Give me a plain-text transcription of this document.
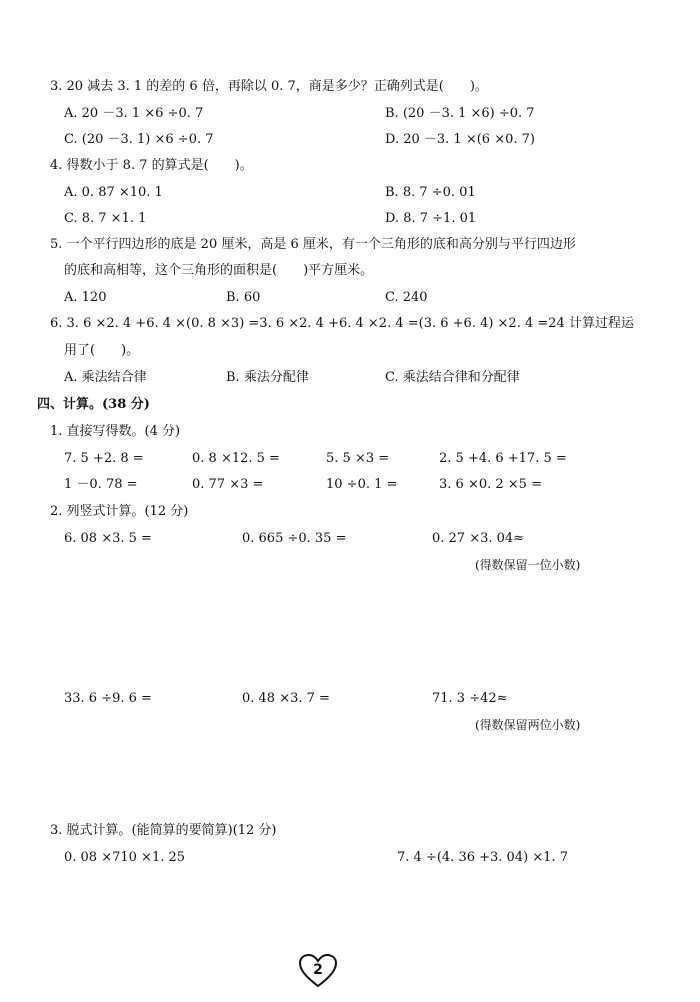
3. 20 减去 3. 1 的差的 6 倍，再除以 0. 7，商是多少？正确列式是(　　)。
A. 20 －3. 1 ×6 ÷0. 7	B. (20 －3. 1 ×6) ÷0. 7
C. (20 －3. 1) ×6 ÷0. 7	D. 20 －3. 1 ×(6 ×0. 7)
4. 得数小于 8. 7 的算式是(　　)。
A. 0. 87 ×10. 1	B. 8. 7 ÷0. 01
C. 8. 7 ×1. 1	D. 8. 7 ÷1. 01
5. 一个平行四边形的底是 20 厘米，高是 6 厘米，有一个三角形的底和高分别与平行四边形
的底和高相等，这个三角形的面积是(　　)平方厘米。
A. 120	B. 60	C. 240
6. 3. 6 ×2. 4 +6. 4 ×(0. 8 ×3) =3. 6 ×2. 4 +6. 4 ×2. 4 =(3. 6 +6. 4) ×2. 4 =24 计算过程运
用了(　　)。
A. 乘法结合律	B. 乘法分配律	C. 乘法结合律和分配律
四、计算。(38 分)
1. 直接写得数。(4 分)
7. 5 +2. 8 =	0. 8 ×12. 5 =	5. 5 ×3 =	2. 5 +4. 6 +17. 5 =
1 －0. 78 =	0. 77 ×3 =	10 ÷0. 1 =	3. 6 ×0. 2 ×5 =
2. 列竖式计算。(12 分)
6. 08 ×3. 5 =	0. 665 ÷0. 35 =	0. 27 ×3. 04≈
(得数保留一位小数)
33. 6 ÷9. 6 =	0. 48 ×3. 7 =	71. 3 ÷42≈
(得数保留两位小数)
3. 脱式计算。(能简算的要简算)(12 分)
0. 08 ×710 ×1. 25	7. 4 ÷(4. 36 +3. 04) ×1. 7
2
